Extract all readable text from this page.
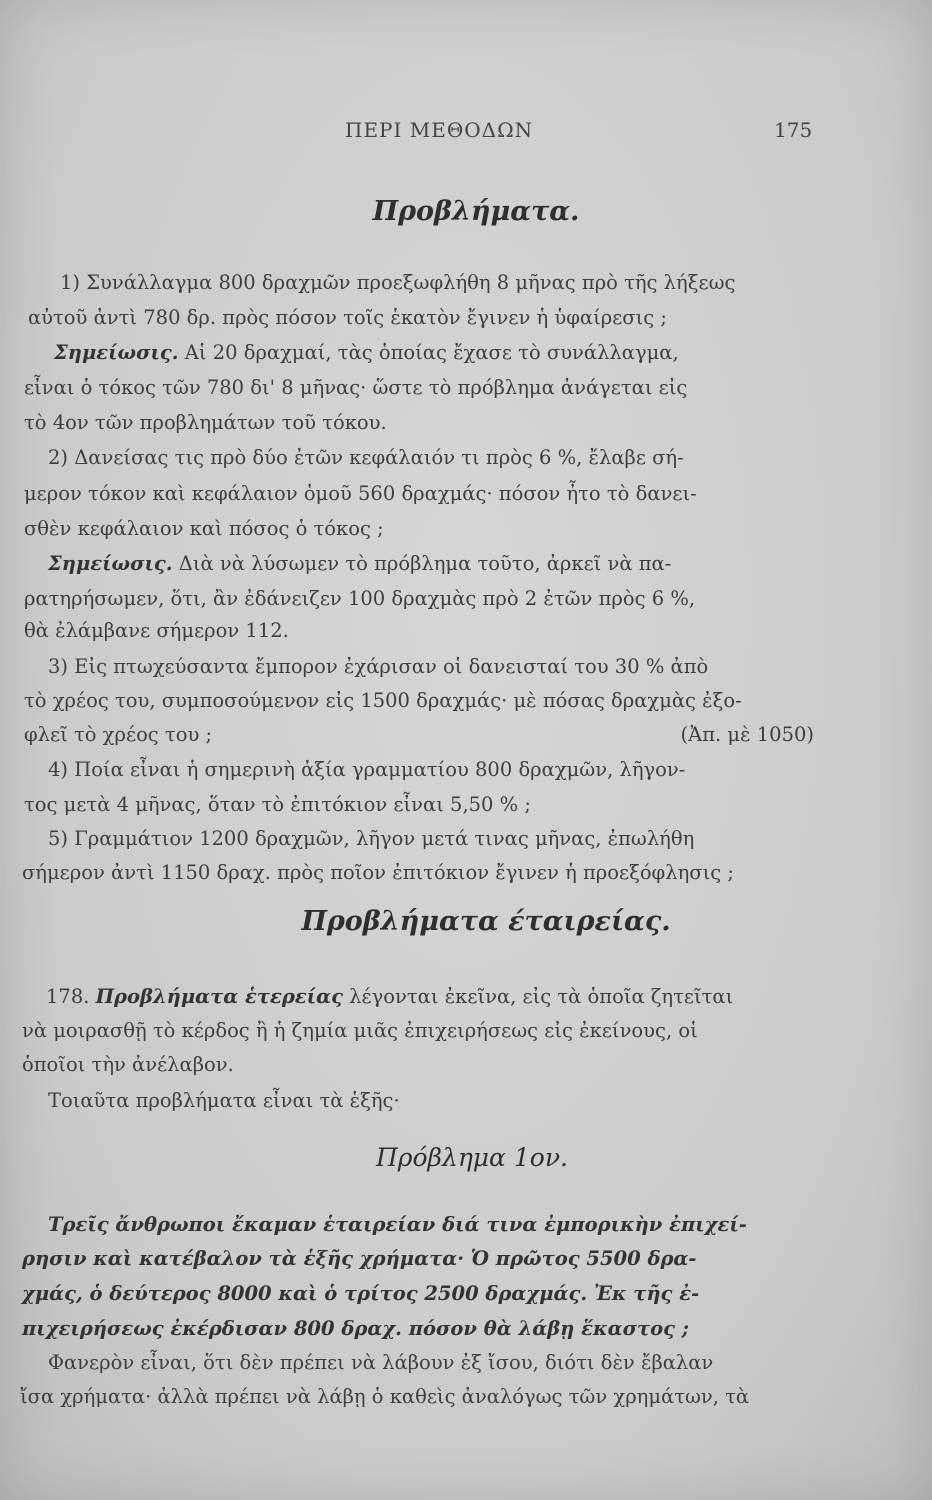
ΠΕΡΙ ΜΕΘΟΔΩΝ	175
Προβλήματα.
Προβλήματα έταιρείας.
Πρόβλημα 1ον.
1) Συνάλλαγμα 800 δραχμῶν προεξωφλήθη 8 μῆνας πρὸ τῆς λήξεως
αὐτοῦ ἀντὶ 780 δρ. πρὸς πόσον τοῖς ἑκατὸν ἔγινεν ἡ ὑφαίρεσις ;
Σημείωσις. Αἱ 20 δραχμαί, τὰς ὁποίας ἔχασε τὸ συνάλλαγμα,
εἶναι ὁ τόκος τῶν 780 δι' 8 μῆνας· ὥστε τὸ πρόβλημα ἀνάγεται εἰς
τὸ 4ον τῶν προβλημάτων τοῦ τόκου.
2) Δανείσας τις πρὸ δύο ἐτῶν κεφάλαιόν τι πρὸς 6 %, ἔλαβε σή-
μερον τόκον καὶ κεφάλαιον ὁμοῦ 560 δραχμάς· πόσον ἦτο τὸ δανει-
σθὲν κεφάλαιον καὶ πόσος ὁ τόκος ;
Σημείωσις. Διὰ νὰ λύσωμεν τὸ πρόβλημα τοῦτο, ἀρκεῖ νὰ πα-
ρατηρήσωμεν, ὅτι, ἂν ἐδάνειζεν 100 δραχμὰς πρὸ 2 ἐτῶν πρὸς 6 %,
θὰ ἐλάμβανε σήμερον 112.
3) Εἰς πτωχεύσαντα ἔμπορον ἐχάρισαν οἱ δανεισταί του 30 % ἀπὸ
τὸ χρέος του, συμποσούμενον εἰς 1500 δραχμάς· μὲ πόσας δραχμὰς ἐξο-
φλεῖ τὸ χρέος του ;	(Ἀπ. μὲ 1050)
4) Ποία εἶναι ἡ σημερινὴ ἀξία γραμματίου 800 δραχμῶν, λῆγον-
τος μετὰ 4 μῆνας, ὅταν τὸ ἐπιτόκιον εἶναι 5,50 % ;
5) Γραμμάτιον 1200 δραχμῶν, λῆγον μετά τινας μῆνας, ἐπωλήθη
σήμερον ἀντὶ 1150 δραχ. πρὸς ποῖον ἐπιτόκιον ἔγινεν ἡ προεξόφλησις ;
178. Προβλήματα ἑτερείας λέγονται ἐκεῖνα, εἰς τὰ ὁποῖα ζητεῖται
νὰ μοιρασθῇ τὸ κέρδος ἢ ἡ ζημία μιᾶς ἐπιχειρήσεως εἰς ἐκείνους, οἱ
ὁποῖοι τὴν ἀνέλαβον.
Τοιαῦτα προβλήματα εἶναι τὰ ἑξῆς·
Τρεῖς ἄνθρωποι ἔκαμαν ἑταιρείαν διά τινα ἐμπορικὴν ἐπιχεί-
ρησιν καὶ κατέβαλον τὰ ἑξῆς χρήματα· Ὁ πρῶτος 5500 δρα-
χμάς, ὁ δεύτερος 8000 καὶ ὁ τρίτος 2500 δραχμάς. Ἐκ τῆς ἐ-
πιχειρήσεως ἐκέρδισαν 800 δραχ. πόσον θὰ λάβῃ ἕκαστος ;
Φανερὸν εἶναι, ὅτι δὲν πρέπει νὰ λάβουν ἐξ ἴσου, διότι δὲν ἔβαλαν
ἴσα χρήματα· ἀλλὰ πρέπει νὰ λάβῃ ὁ καθεὶς ἀναλόγως τῶν χρημάτων, τὰ
